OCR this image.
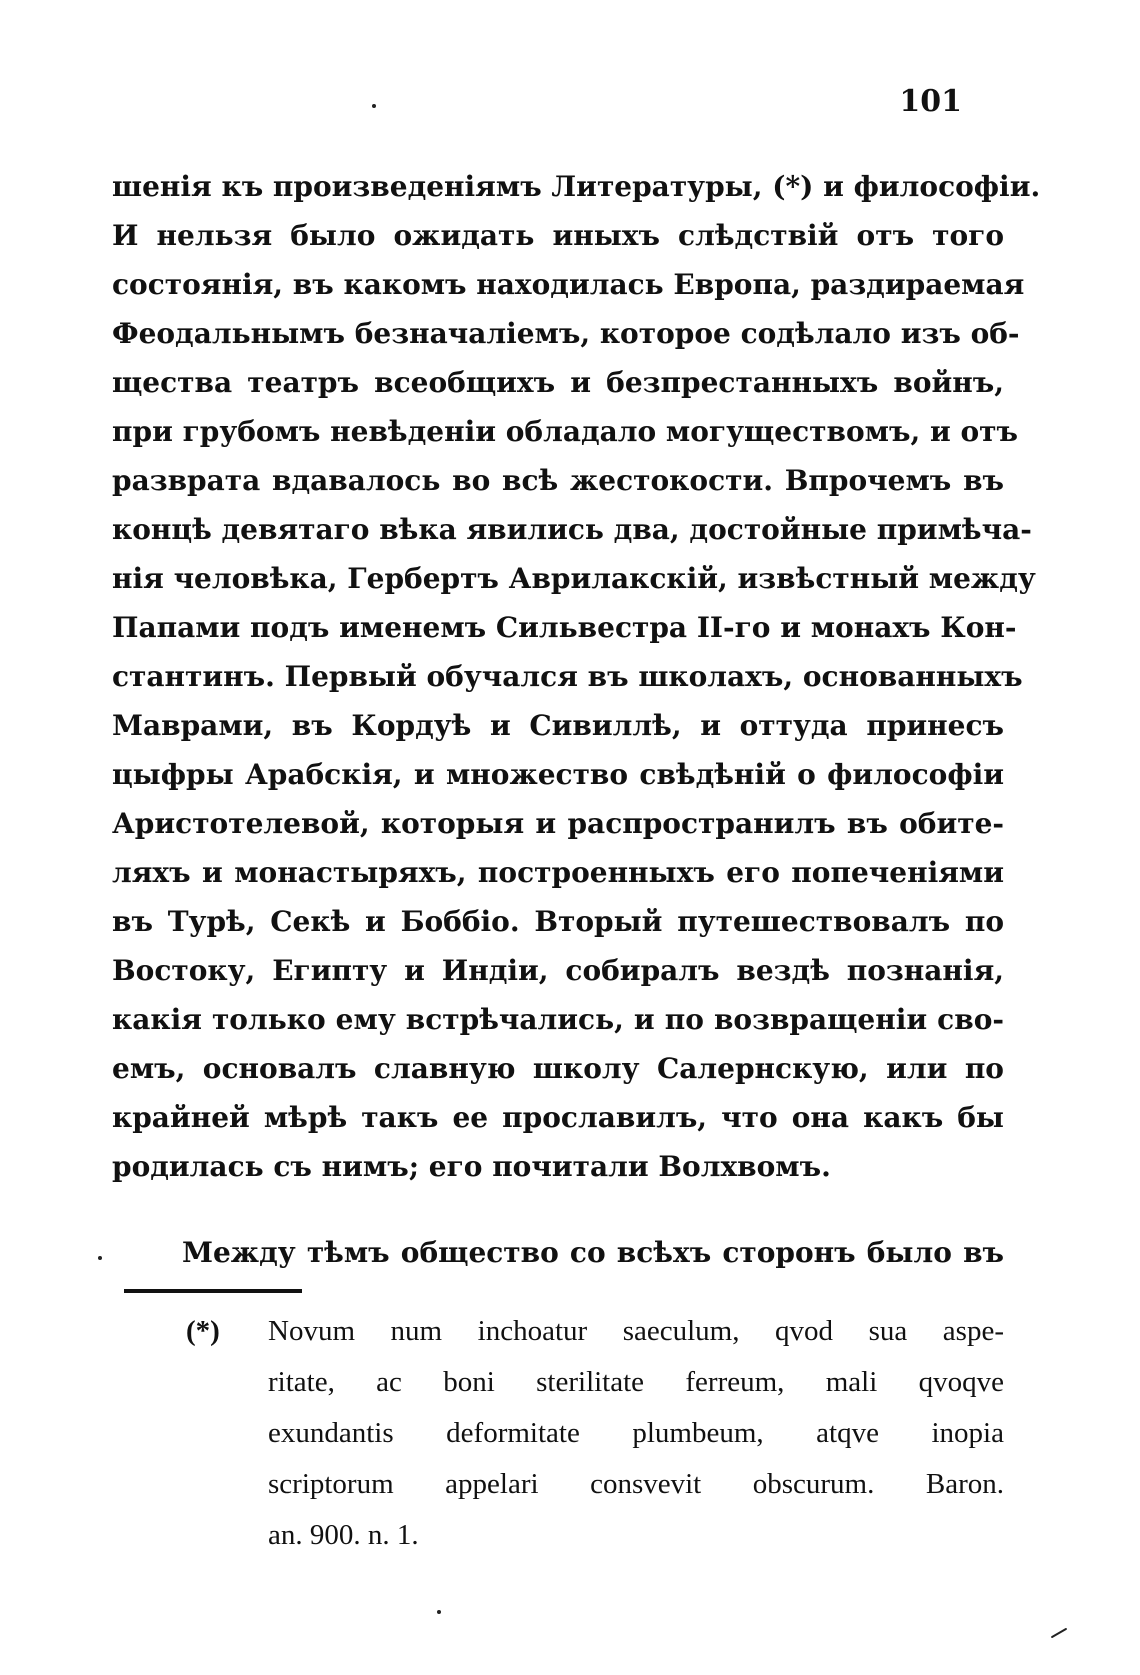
101
шенія къ произведеніямъ Литературы, (*) и философіи.
И нельзя было ожидать иныхъ слѣдствій отъ того
состоянія, въ какомъ находилась Европа, раздираемая
Феодальнымъ безначаліемъ, которое содѣлало изъ об-
щества театръ всеобщихъ и безпрестанныхъ войнъ,
при грубомъ невѣденіи обладало могуществомъ, и отъ
разврата вдавалось во всѣ жестокости. Впрочемъ въ
концѣ девятаго вѣка явились два, достойные примѣча-
нія человѣка, Гербертъ Аврилакскій, извѣстный между
Папами подъ именемъ Сильвестра II-го и монахъ Кон-
стантинъ. Первый обучался въ школахъ, основанныхъ
Маврами, въ Кордуѣ и Сивиллѣ, и оттуда принесъ
цыфры Арабскія, и множество свѣдѣній о философіи
Аристотелевой, которыя и распространилъ въ обите-
ляхъ и монастыряхъ, построенныхъ его попеченіями
въ Турѣ, Секѣ и Боббіо. Вторый путешествовалъ по
Востоку, Египту и Индіи, собиралъ вездѣ познанія,
какія только ему встрѣчались, и по возвращеніи сво-
емъ, основалъ славную школу Салернскую, или по
крайней мѣрѣ такъ ее прославилъ, что она какъ бы
родилась съ нимъ; его почитали Волхвомъ.
Между тѣмъ общество со всѣхъ сторонъ было въ
(*) Novum num inchoatur saeculum, qvod sua aspe-
ritate, ac boni sterilitate ferreum, mali qvoqve
exundantis deformitate plumbeum, atqve inopia
scriptorum appelari consvevit obscurum. Baron.
an. 900. n. 1.
